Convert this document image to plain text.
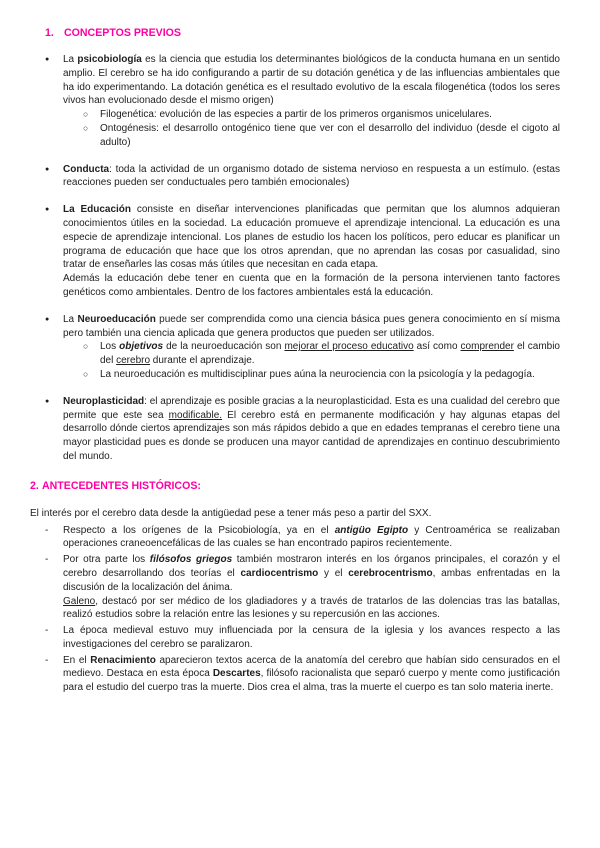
1. CONCEPTOS PREVIOS
●	La psicobiología es la ciencia que estudia los determinantes biológicos de la conducta humana en un sentido amplio. El cerebro se ha ido configurando a partir de su dotación genética y de las influencias ambientales que ha ido experimentando. La dotación genética es el resultado evolutivo de la escala filogenética (todos los seres vivos han evolucionado desde el mismo origen)
○	Filogenética: evolución de las especies a partir de los primeros organismos unicelulares.
○	Ontogénesis: el desarrollo ontogénico tiene que ver con el desarrollo del individuo (desde el cigoto al adulto)
●	Conducta: toda la actividad de un organismo dotado de sistema nervioso en respuesta a un estímulo. (estas reacciones pueden ser conductuales pero también emocionales)
●	La Educación consiste en diseñar intervenciones planificadas que permitan que los alumnos adquieran conocimientos útiles en la sociedad. La educación promueve el aprendizaje intencional. La educación es una especie de aprendizaje intencional. Los planes de estudio los hacen los políticos, pero educar es planificar un programa de educación que hace que los otros aprendan, que no aprendan las cosas por casualidad, sino tratar de enseñarles las cosas más útiles que necesitan en cada etapa.
Además la educación debe tener en cuenta que en la formación de la persona intervienen tanto factores genéticos como ambientales. Dentro de los factores ambientales está la educación.
●	La Neuroeducación puede ser comprendida como una ciencia básica pues genera conocimiento en sí misma pero también una ciencia aplicada que genera productos que pueden ser utilizados.
○	Los objetivos de la neuroeducación son mejorar el proceso educativo así como comprender el cambio del cerebro durante el aprendizaje.
○	La neuroeducación es multidisciplinar pues aúna la neurociencia con la psicología y la pedagogía.
●	Neuroplasticidad: el aprendizaje es posible gracias a la neuroplasticidad. Esta es una cualidad del cerebro que permite que este sea modificable. El cerebro está en permanente modificación y hay algunas etapas del desarrollo dónde ciertos aprendizajes son más rápidos debido a que en edades tempranas el cerebro tiene una mayor plasticidad pues es donde se producen una mayor cantidad de aprendizajes en continuo descubrimiento del mundo.
2. ANTECEDENTES HISTÓRICOS:
El interés por el cerebro data desde la antigüedad pese a tener más peso a partir del SXX.
-	Respecto a los orígenes de la Psicobiología, ya en el antigüo Egipto y Centroamérica se realizaban operaciones craneoencefálicas de las cuales se han encontrado papiros recientemente.
-	Por otra parte los filósofos griegos también mostraron interés en los órganos principales, el corazón y el cerebro desarrollando dos teorías el cardiocentrismo y el cerebrocentrismo, ambas enfrentadas en la discusión de la localización del ánima.
Galeno, destacó por ser médico de los gladiadores y a través de tratarlos de las dolencias tras las batallas, realizó estudios sobre la relación entre las lesiones y su repercusión en las acciones.
-	La época medieval estuvo muy influenciada por la censura de la iglesia y los avances respecto a las investigaciones del cerebro se paralizaron.
-	En el Renacimiento aparecieron textos acerca de la anatomía del cerebro que habían sido censurados en el medievo. Destaca en esta época Descartes, filósofo racionalista que separó cuerpo y mente como justificación para el estudio del cuerpo tras la muerte. Dios crea el alma, tras la muerte el cuerpo es tan solo materia inerte.
